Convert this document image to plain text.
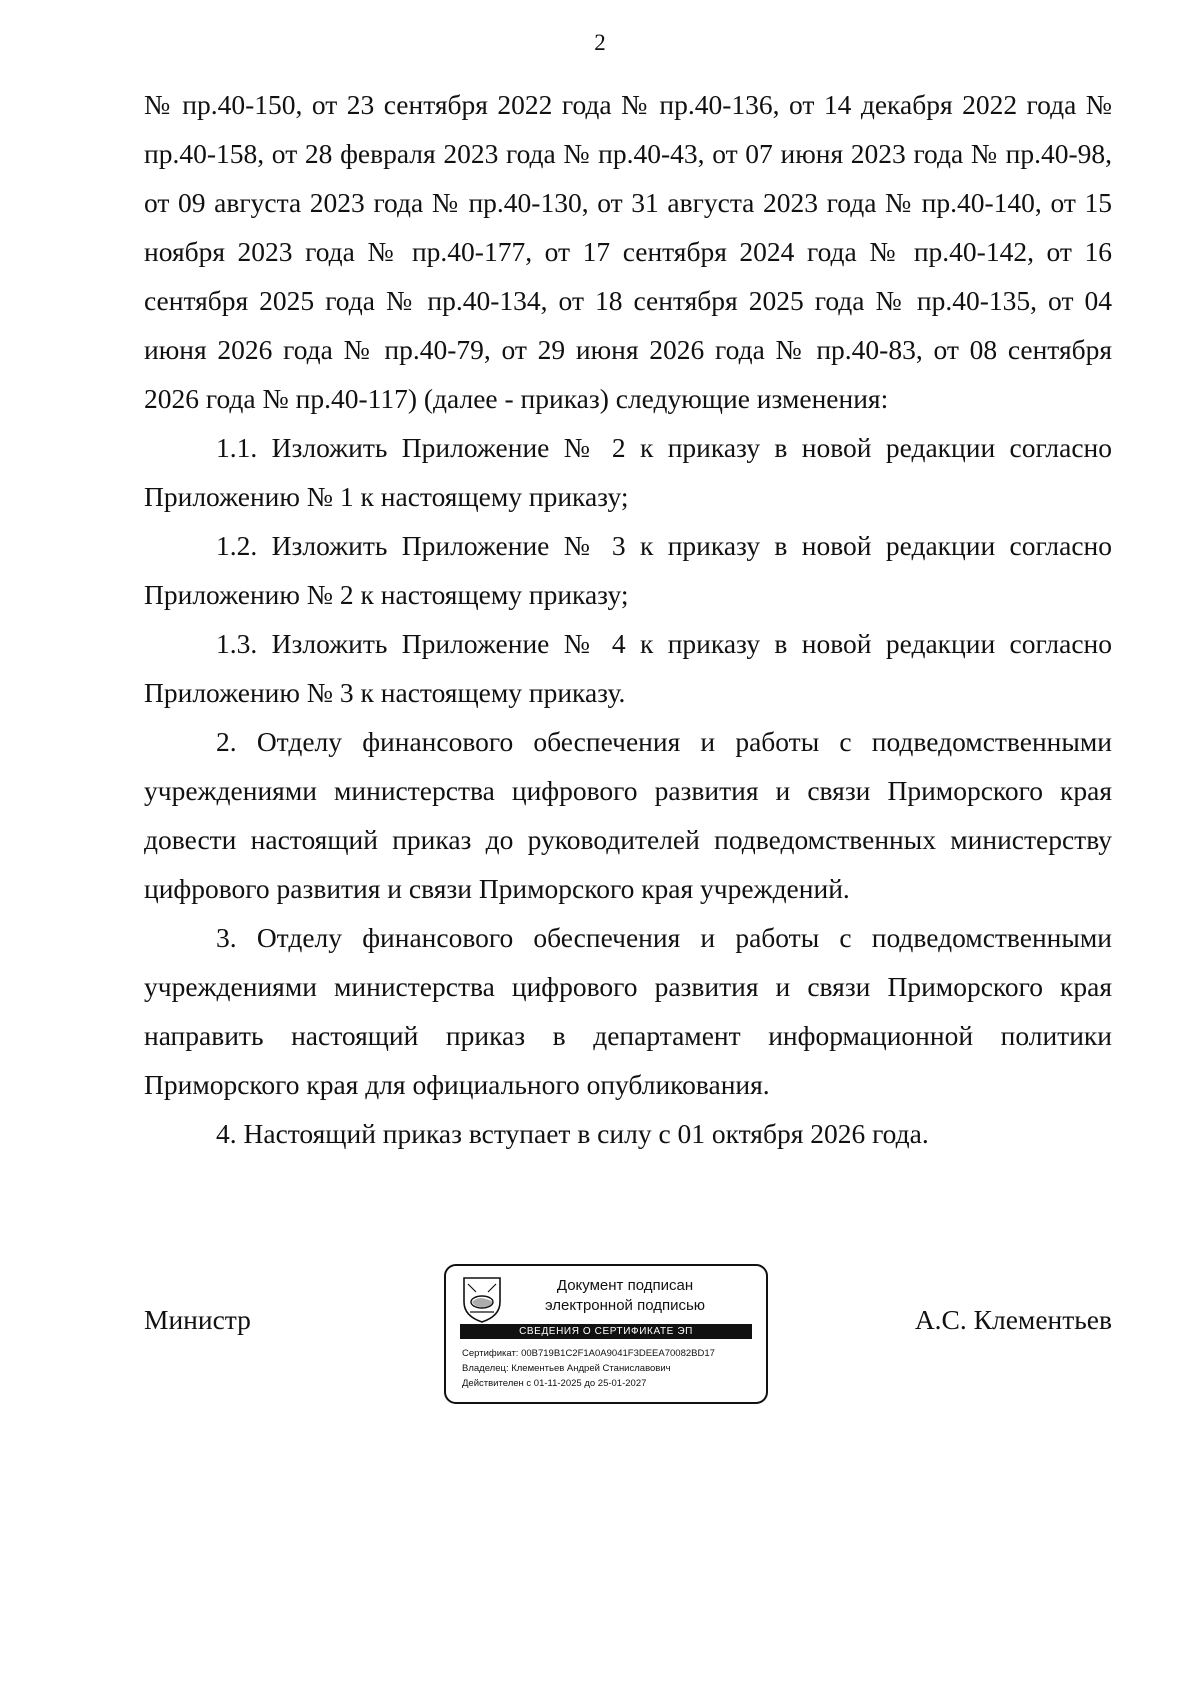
2

№ пр.40-150, от 23 сентября 2022 года № пр.40-136, от 14 декабря 2022 года № пр.40-158, от 28 февраля 2023 года № пр.40-43, от 07 июня 2023 года № пр.40-98, от 09 августа 2023 года № пр.40-130, от 31 августа 2023 года № пр.40-140, от 15 ноября 2023 года № пр.40-177, от 17 сентября 2024 года № пр.40-142, от 16 сентября 2025 года № пр.40-134, от 18 сентября 2025 года № пр.40-135, от 04 июня 2026 года № пр.40-79, от 29 июня 2026 года № пр.40-83, от 08 сентября 2026 года № пр.40-117) (далее - приказ) следующие изменения:

1.1. Изложить Приложение № 2 к приказу в новой редакции согласно Приложению № 1 к настоящему приказу;

1.2. Изложить Приложение № 3 к приказу в новой редакции согласно Приложению № 2 к настоящему приказу;

1.3. Изложить Приложение № 4 к приказу в новой редакции согласно Приложению № 3 к настоящему приказу.

2. Отделу финансового обеспечения и работы с подведомственными учреждениями министерства цифрового развития и связи Приморского края довести настоящий приказ до руководителей подведомственных министерству цифрового развития и связи Приморского края учреждений.

3. Отделу финансового обеспечения и работы с подведомственными учреждениями министерства цифрового развития и связи Приморского края направить настоящий приказ в департамент информационной политики Приморского края для официального опубликования.

4. Настоящий приказ вступает в силу с 01 октября 2026 года.

Министр
Документ подписан
электронной подписью
СВЕДЕНИЯ О СЕРТИФИКАТЕ ЭП
Сертификат: 00B719B1C2F1A0A9041F3DEEA70082BD17
Владелец: Клементьев Андрей Станиславович
Действителен с 01-11-2025 до 25-01-2027
А.С. Клементьев
